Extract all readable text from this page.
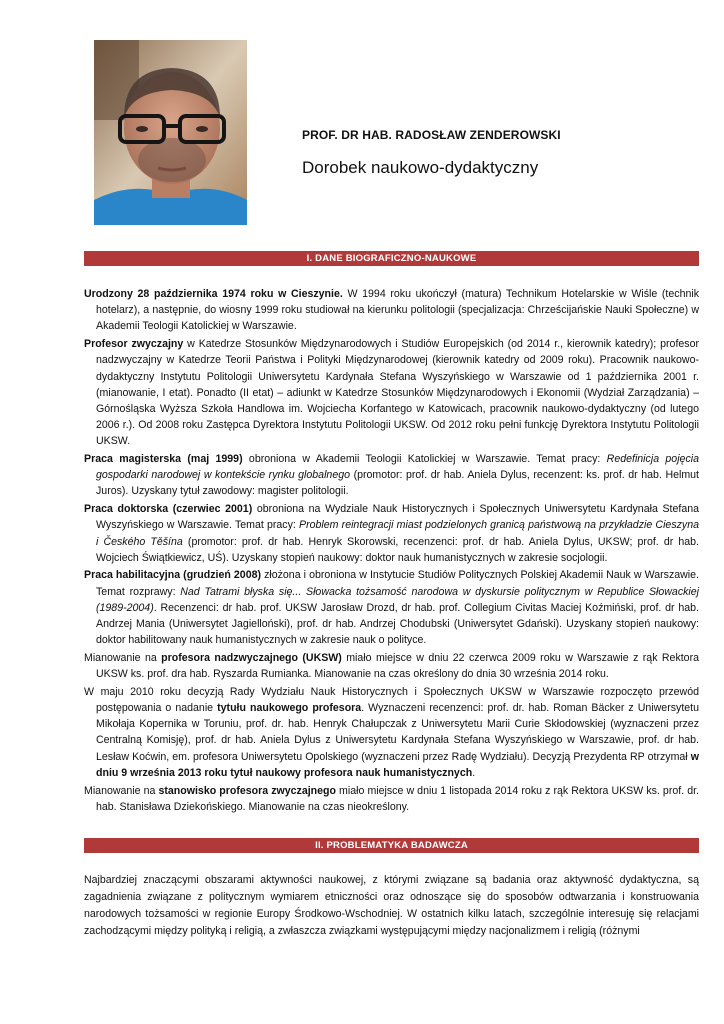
PROF. DR HAB. RADOSŁAW ZENDEROWSKI
Dorobek naukowo-dydaktyczny
I. DANE BIOGRAFICZNO-NAUKOWE

Urodzony 28 października 1974 roku w Cieszynie. W 1994 roku ukończył (matura) Technikum Hotelarskie w Wiśle (technik hotelarz), a następnie, do wiosny 1999 roku studiował na kierunku politologii (specjalizacja: Chrześcijańskie Nauki Społeczne) w Akademii Teologii Katolickiej w Warszawie.

Profesor zwyczajny w Katedrze Stosunków Międzynarodowych i Studiów Europejskich (od 2014 r., kierownik katedry); profesor nadzwyczajny w Katedrze Teorii Państwa i Polityki Międzynarodowej (kierownik katedry od 2009 roku). Pracownik naukowo-dydaktyczny Instytutu Politologii Uniwersytetu Kardynała Stefana Wyszyńskiego w Warszawie od 1 października 2001 r. (mianowanie, I etat). Ponadto (II etat) – adiunkt w Katedrze Stosunków Międzynarodowych i Ekonomii (Wydział Zarządzania) – Górnośląska Wyższa Szkoła Handlowa im. Wojciecha Korfantego w Katowicach, pracownik naukowo-dydaktyczny (od lutego 2006 r.). Od 2008 roku Zastępca Dyrektora Instytutu Politologii UKSW. Od 2012 roku pełni funkcję Dyrektora Instytutu Politologii UKSW.

Praca magisterska (maj 1999) obroniona w Akademii Teologii Katolickiej w Warszawie. Temat pracy: Redefinicja pojęcia gospodarki narodowej w kontekście rynku globalnego (promotor: prof. dr hab. Aniela Dylus, recenzent: ks. prof. dr hab. Helmut Juros). Uzyskany tytuł zawodowy: magister politologii.

Praca doktorska (czerwiec 2001) obroniona na Wydziale Nauk Historycznych i Społecznych Uniwersytetu Kardynała Stefana Wyszyńskiego w Warszawie. Temat pracy: Problem reintegracji miast podzielonych granicą państwową na przykładzie Cieszyna i Českého Těšína (promotor: prof. dr hab. Henryk Skorowski, recenzenci: prof. dr hab. Aniela Dylus, UKSW; prof. dr hab. Wojciech Świątkiewicz, UŚ). Uzyskany stopień naukowy: doktor nauk humanistycznych w zakresie socjologii.

Praca habilitacyjna (grudzień 2008) złożona i obroniona w Instytucie Studiów Politycznych Polskiej Akademii Nauk w Warszawie. Temat rozprawy: Nad Tatrami błyska się... Słowacka tożsamość narodowa w dyskursie politycznym w Republice Słowackiej (1989-2004). Recenzenci: dr hab. prof. UKSW Jarosław Drozd, dr hab. prof. Collegium Civitas Maciej Koźmiński, prof. dr hab. Andrzej Mania (Uniwersytet Jagielloński), prof. dr hab. Andrzej Chodubski (Uniwersytet Gdański). Uzyskany stopień naukowy: doktor habilitowany nauk humanistycznych w zakresie nauk o polityce.

Mianowanie na profesora nadzwyczajnego (UKSW) miało miejsce w dniu 22 czerwca 2009 roku w Warszawie z rąk Rektora UKSW ks. prof. dra hab. Ryszarda Rumianka. Mianowanie na czas określony do dnia 30 września 2014 roku.

W maju 2010 roku decyzją Rady Wydziału Nauk Historycznych i Społecznych UKSW w Warszawie rozpoczęto przewód postępowania o nadanie tytułu naukowego profesora. Wyznaczeni recenzenci: prof. dr. hab. Roman Bäcker z Uniwersytetu Mikołaja Kopernika w Toruniu, prof. dr. hab. Henryk Chałupczak z Uniwersytetu Marii Curie Skłodowskiej (wyznaczeni przez Centralną Komisję), prof. dr hab. Aniela Dylus z Uniwersytetu Kardynała Stefana Wyszyńskiego w Warszawie, prof. dr hab. Lesław Koćwin, em. profesora Uniwersytetu Opolskiego (wyznaczeni przez Radę Wydziału). Decyzją Prezydenta RP otrzymał w dniu 9 września 2013 roku tytuł naukowy profesora nauk humanistycznych.

Mianowanie na stanowisko profesora zwyczajnego miało miejsce w dniu 1 listopada 2014 roku z rąk Rektora UKSW ks. prof. dr. hab. Stanisława Dziekońskiego. Mianowanie na czas nieokreślony.

II. PROBLEMATYKA BADAWCZA

Najbardziej znaczącymi obszarami aktywności naukowej, z którymi związane są badania oraz aktywność dydaktyczna, są zagadnienia związane z politycznym wymiarem etniczności oraz odnoszące się do sposobów odtwarzania i konstruowania narodowych tożsamości w regionie Europy Środkowo-Wschodniej. W ostatnich kilku latach, szczególnie interesuję się relacjami zachodzącymi między polityką i religią, a zwłaszcza związkami występującymi między nacjonalizmem i religią (różnymi
